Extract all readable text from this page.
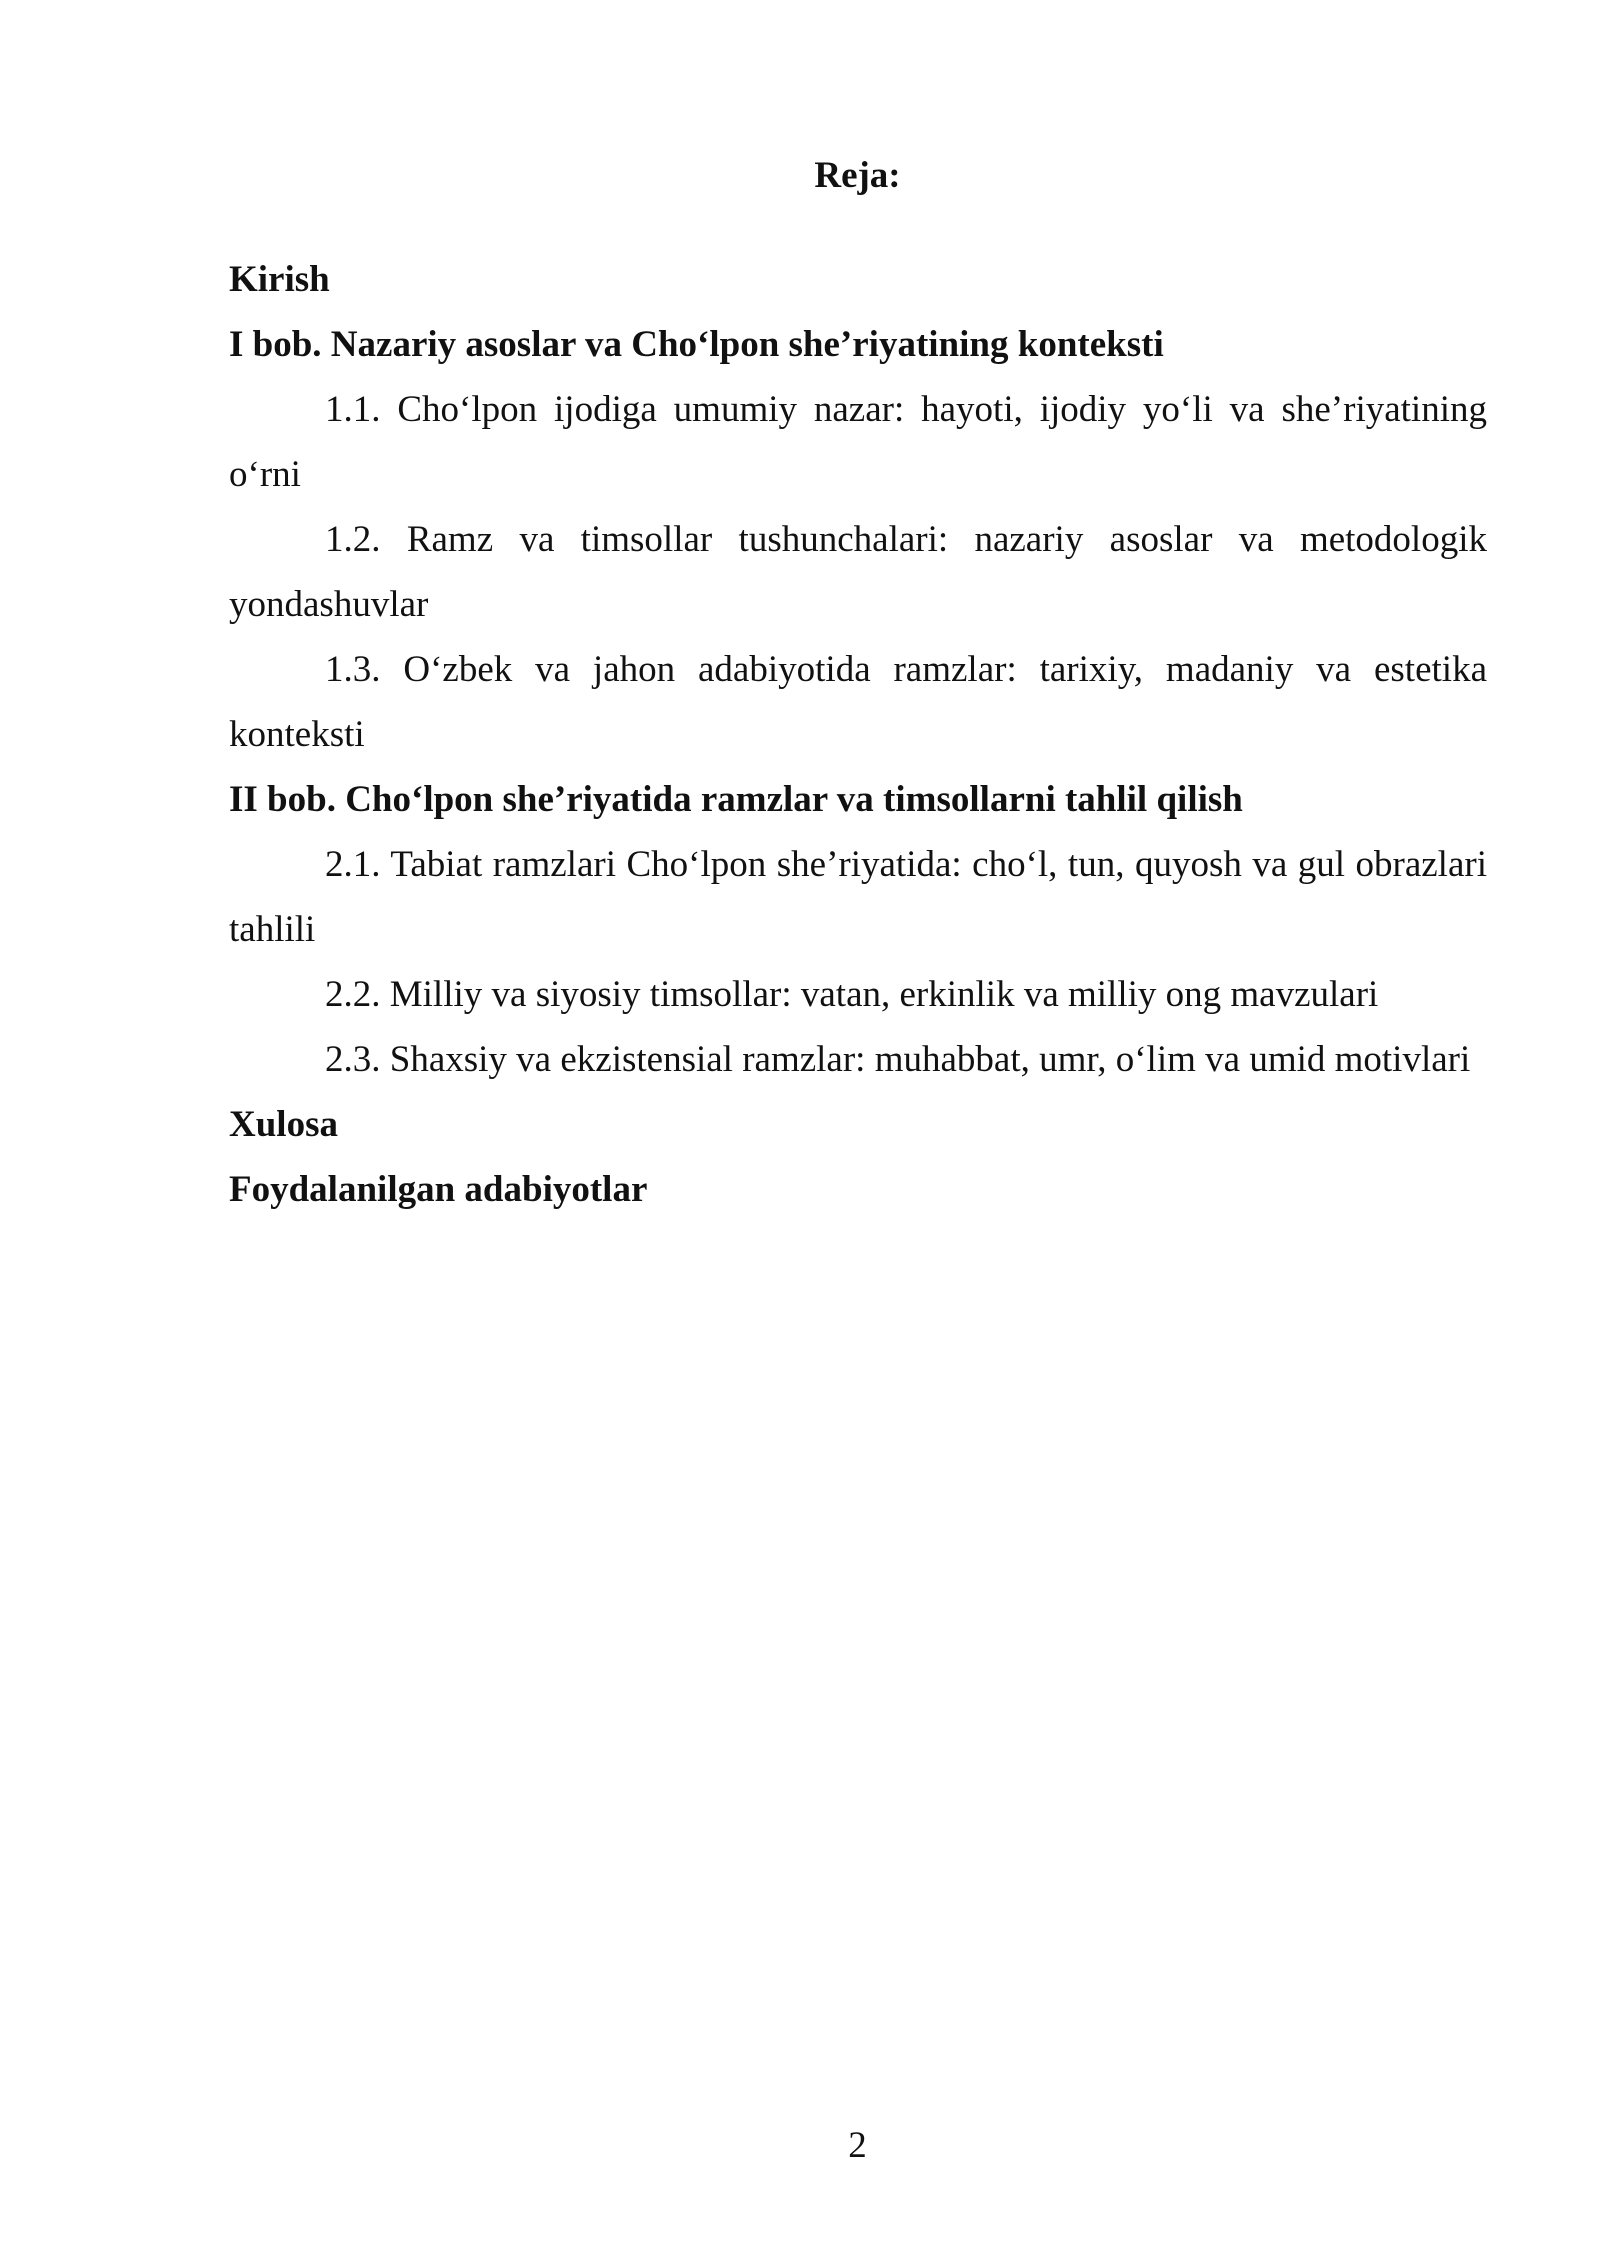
Reja:

Kirish

I bob. Nazariy asoslar va Cho‘lpon she’riyatining konteksti

1.1. Cho‘lpon ijodiga umumiy nazar: hayoti, ijodiy yo‘li va she’riyatining o‘rni

1.2. Ramz va timsollar tushunchalari: nazariy asoslar va metodologik yondashuvlar

1.3. O‘zbek va jahon adabiyotida ramzlar: tarixiy, madaniy va estetika konteksti

II bob. Cho‘lpon she’riyatida ramzlar va timsollarni tahlil qilish

2.1. Tabiat ramzlari Cho‘lpon she’riyatida: cho‘l, tun, quyosh va gul obrazlari tahlili

2.2. Milliy va siyosiy timsollar: vatan, erkinlik va milliy ong mavzulari

2.3. Shaxsiy va ekzistensial ramzlar: muhabbat, umr, o‘lim va umid motivlari

Xulosa

Foydalanilgan adabiyotlar

2
